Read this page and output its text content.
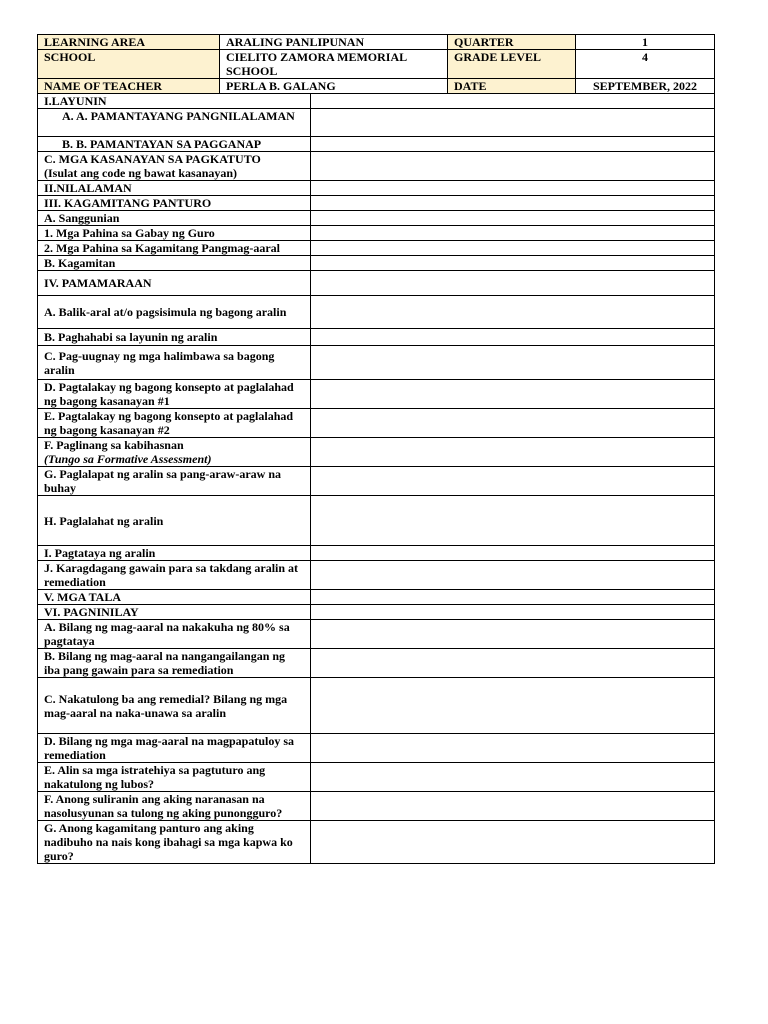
LEARNING AREA	ARALING PANLIPUNAN	QUARTER	1
SCHOOL	CIELITO ZAMORA MEMORIAL SCHOOL	GRADE LEVEL	4
NAME OF TEACHER	PERLA B. GALANG	DATE	SEPTEMBER, 2022
I.LAYUNIN	
A. A. PAMANTAYANG PANGNILALAMAN	
B. B. PAMANTAYAN SA PAGGANAP	

C. MGA KASANAYAN SA PAGKATUTO
(Isulat ang code ng bawat kasanayan)	

II.NILALAMAN	
III. KAGAMITANG PANTURO	
A. Sanggunian	
1. Mga Pahina sa Gabay ng Guro	
2. Mga Pahina sa Kagamitang Pangmag-aaral	
B. Kagamitan	
IV. PAMAMARAAN	
A. Balik-aral at/o pagsisimula ng bagong aralin	
B. Paghahabi sa layunin ng aralin	
C. Pag-uugnay ng mga halimbawa sa bagong aralin	
D. Pagtalakay ng bagong konsepto at paglalahad ng bagong kasanayan #1	
E. Pagtalakay ng bagong konsepto at paglalahad ng bagong kasanayan #2	

F. Paglinang sa kabihasnan
(Tungo sa Formative Assessment)	

G. Paglalapat ng aralin sa pang-araw-araw na buhay	
H. Paglalahat ng aralin	
I. Pagtataya ng aralin	
J. Karagdagang gawain para sa takdang aralin at remediation	
V. MGA TALA	
VI. PAGNINILAY	
A. Bilang ng mag-aaral na nakakuha ng 80% sa pagtataya	
B. Bilang ng mag-aaral na nangangailangan ng iba pang gawain para sa remediation	
C. Nakatulong ba ang remedial? Bilang ng mga mag-aaral na naka-unawa sa aralin	
D. Bilang ng mga mag-aaral na magpapatuloy sa remediation	
E. Alin sa mga istratehiya sa pagtuturo ang nakatulong ng lubos?	
F. Anong suliranin ang aking naranasan na nasolusyunan sa tulong ng aking punongguro?	
G. Anong kagamitang panturo ang aking nadibuho na nais kong ibahagi sa mga kapwa ko guro?	
